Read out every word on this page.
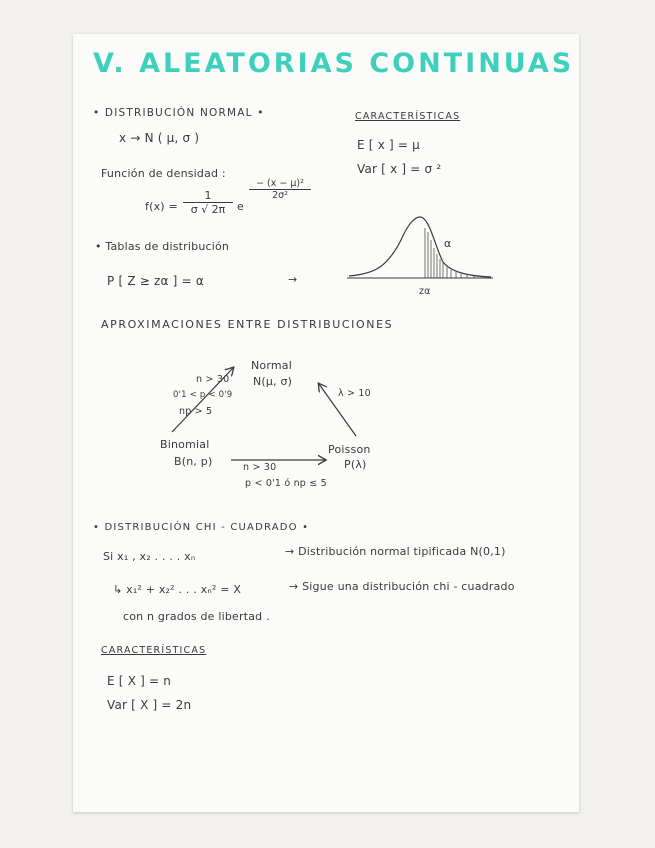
V. ALEATORIAS CONTINUAS
• DISTRIBUCIÓN NORMAL •
x → N ( μ, σ )
Función de densidad :
$f(x) = \frac{1}{\sigma √ 2\pi}$ e
$\frac{\text{− (x − μ)²}}{\text{2σ²}}$
• Tablas de distribución
P [ Z ≥ zα ] = α	→
CARACTERÍSTICAS
E [ x ] = μ
Var [ x ] = σ ²
α
zα
APROXIMACIONES ENTRE DISTRIBUCIONES
Normal
N(μ, σ)
n > 30
0'1 < p < 0'9
np > 5
λ > 10
Binomial
B(n, p)
Poisson
P(λ)
n > 30
p < 0'1 ó np ≤ 5
• DISTRIBUCIÓN CHI - CUADRADO •
Si x₁ , x₂ . . . . xₙ	→ Distribución normal tipificada N(0,1)
↳ x₁² + x₂² . . . xₙ² = X	→ Sigue una distribución chi - cuadrado
con n grados de libertad .
CARACTERÍSTICAS
E [ X ] = n
Var [ X ] = 2n
